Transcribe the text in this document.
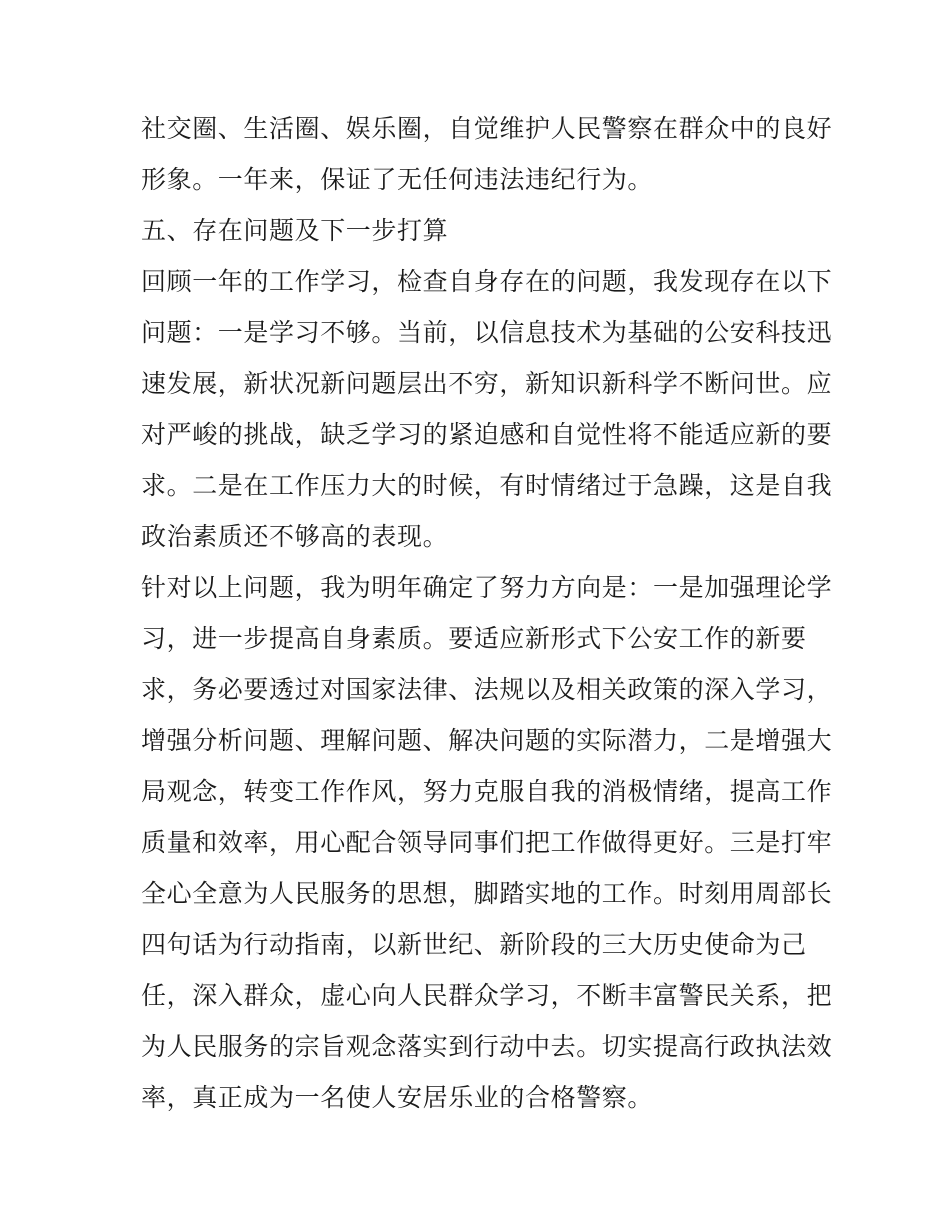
社交圈、生活圈、娱乐圈，自觉维护人民警察在群众中的良好
形象。一年来，保证了无任何违法违纪行为。
五、存在问题及下一步打算
回顾一年的工作学习，检查自身存在的问题，我发现存在以下
问题：一是学习不够。当前，以信息技术为基础的公安科技迅
速发展，新状况新问题层出不穷，新知识新科学不断问世。应
对严峻的挑战，缺乏学习的紧迫感和自觉性将不能适应新的要
求。二是在工作压力大的时候，有时情绪过于急躁，这是自我
政治素质还不够高的表现。
针对以上问题，我为明年确定了努力方向是：一是加强理论学
习，进一步提高自身素质。要适应新形式下公安工作的新要
求，务必要透过对国家法律、法规以及相关政策的深入学习，
增强分析问题、理解问题、解决问题的实际潜力，二是增强大
局观念，转变工作作风，努力克服自我的消极情绪，提高工作
质量和效率，用心配合领导同事们把工作做得更好。三是打牢
全心全意为人民服务的思想，脚踏实地的工作。时刻用周部长
四句话为行动指南，以新世纪、新阶段的三大历史使命为己
任，深入群众，虚心向人民群众学习，不断丰富警民关系，把
为人民服务的宗旨观念落实到行动中去。切实提高行政执法效
率，真正成为一名使人安居乐业的合格警察。
